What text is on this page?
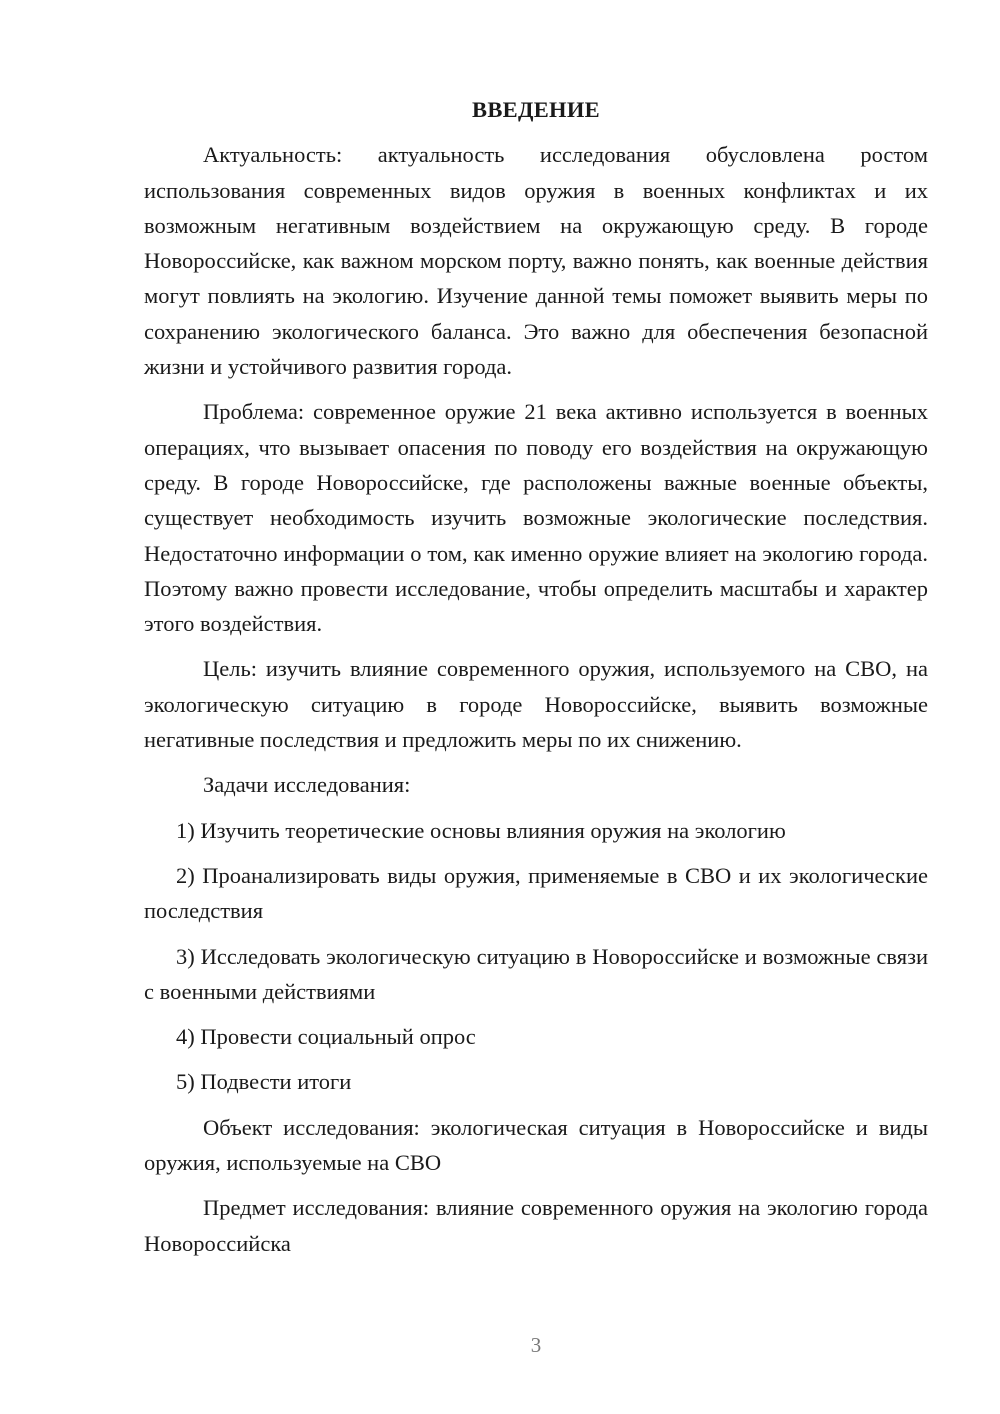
ВВЕДЕНИЕ

Актуальность: актуальность исследования обусловлена ростом использования современных видов оружия в военных конфликтах и их возможным негативным воздействием на окружающую среду. В городе Новороссийске, как важном морском порту, важно понять, как военные действия могут повлиять на экологию. Изучение данной темы поможет выявить меры по сохранению экологического баланса. Это важно для обеспечения безопасной жизни и устойчивого развития города.

Проблема: современное оружие 21 века активно используется в военных операциях, что вызывает опасения по поводу его воздействия на окружающую среду. В городе Новороссийске, где расположены важные военные объекты, существует необходимость изучить возможные экологические последствия. Недостаточно информации о том, как именно оружие влияет на экологию города. Поэтому важно провести исследование, чтобы определить масштабы и характер этого воздействия.

Цель: изучить влияние современного оружия, используемого на СВО, на экологическую ситуацию в городе Новороссийске, выявить возможные негативные последствия и предложить меры по их снижению.

Задачи исследования:

1) Изучить теоретические основы влияния оружия на экологию

2) Проанализировать виды оружия, применяемые в СВО и их экологические последствия

3) Исследовать экологическую ситуацию в Новороссийске и возможные связи с военными действиями

4) Провести социальный опрос

5) Подвести итоги

Объект исследования: экологическая ситуация в Новороссийске и виды оружия, используемые на СВО

Предмет исследования: влияние современного оружия на экологию города Новороссийска

3
